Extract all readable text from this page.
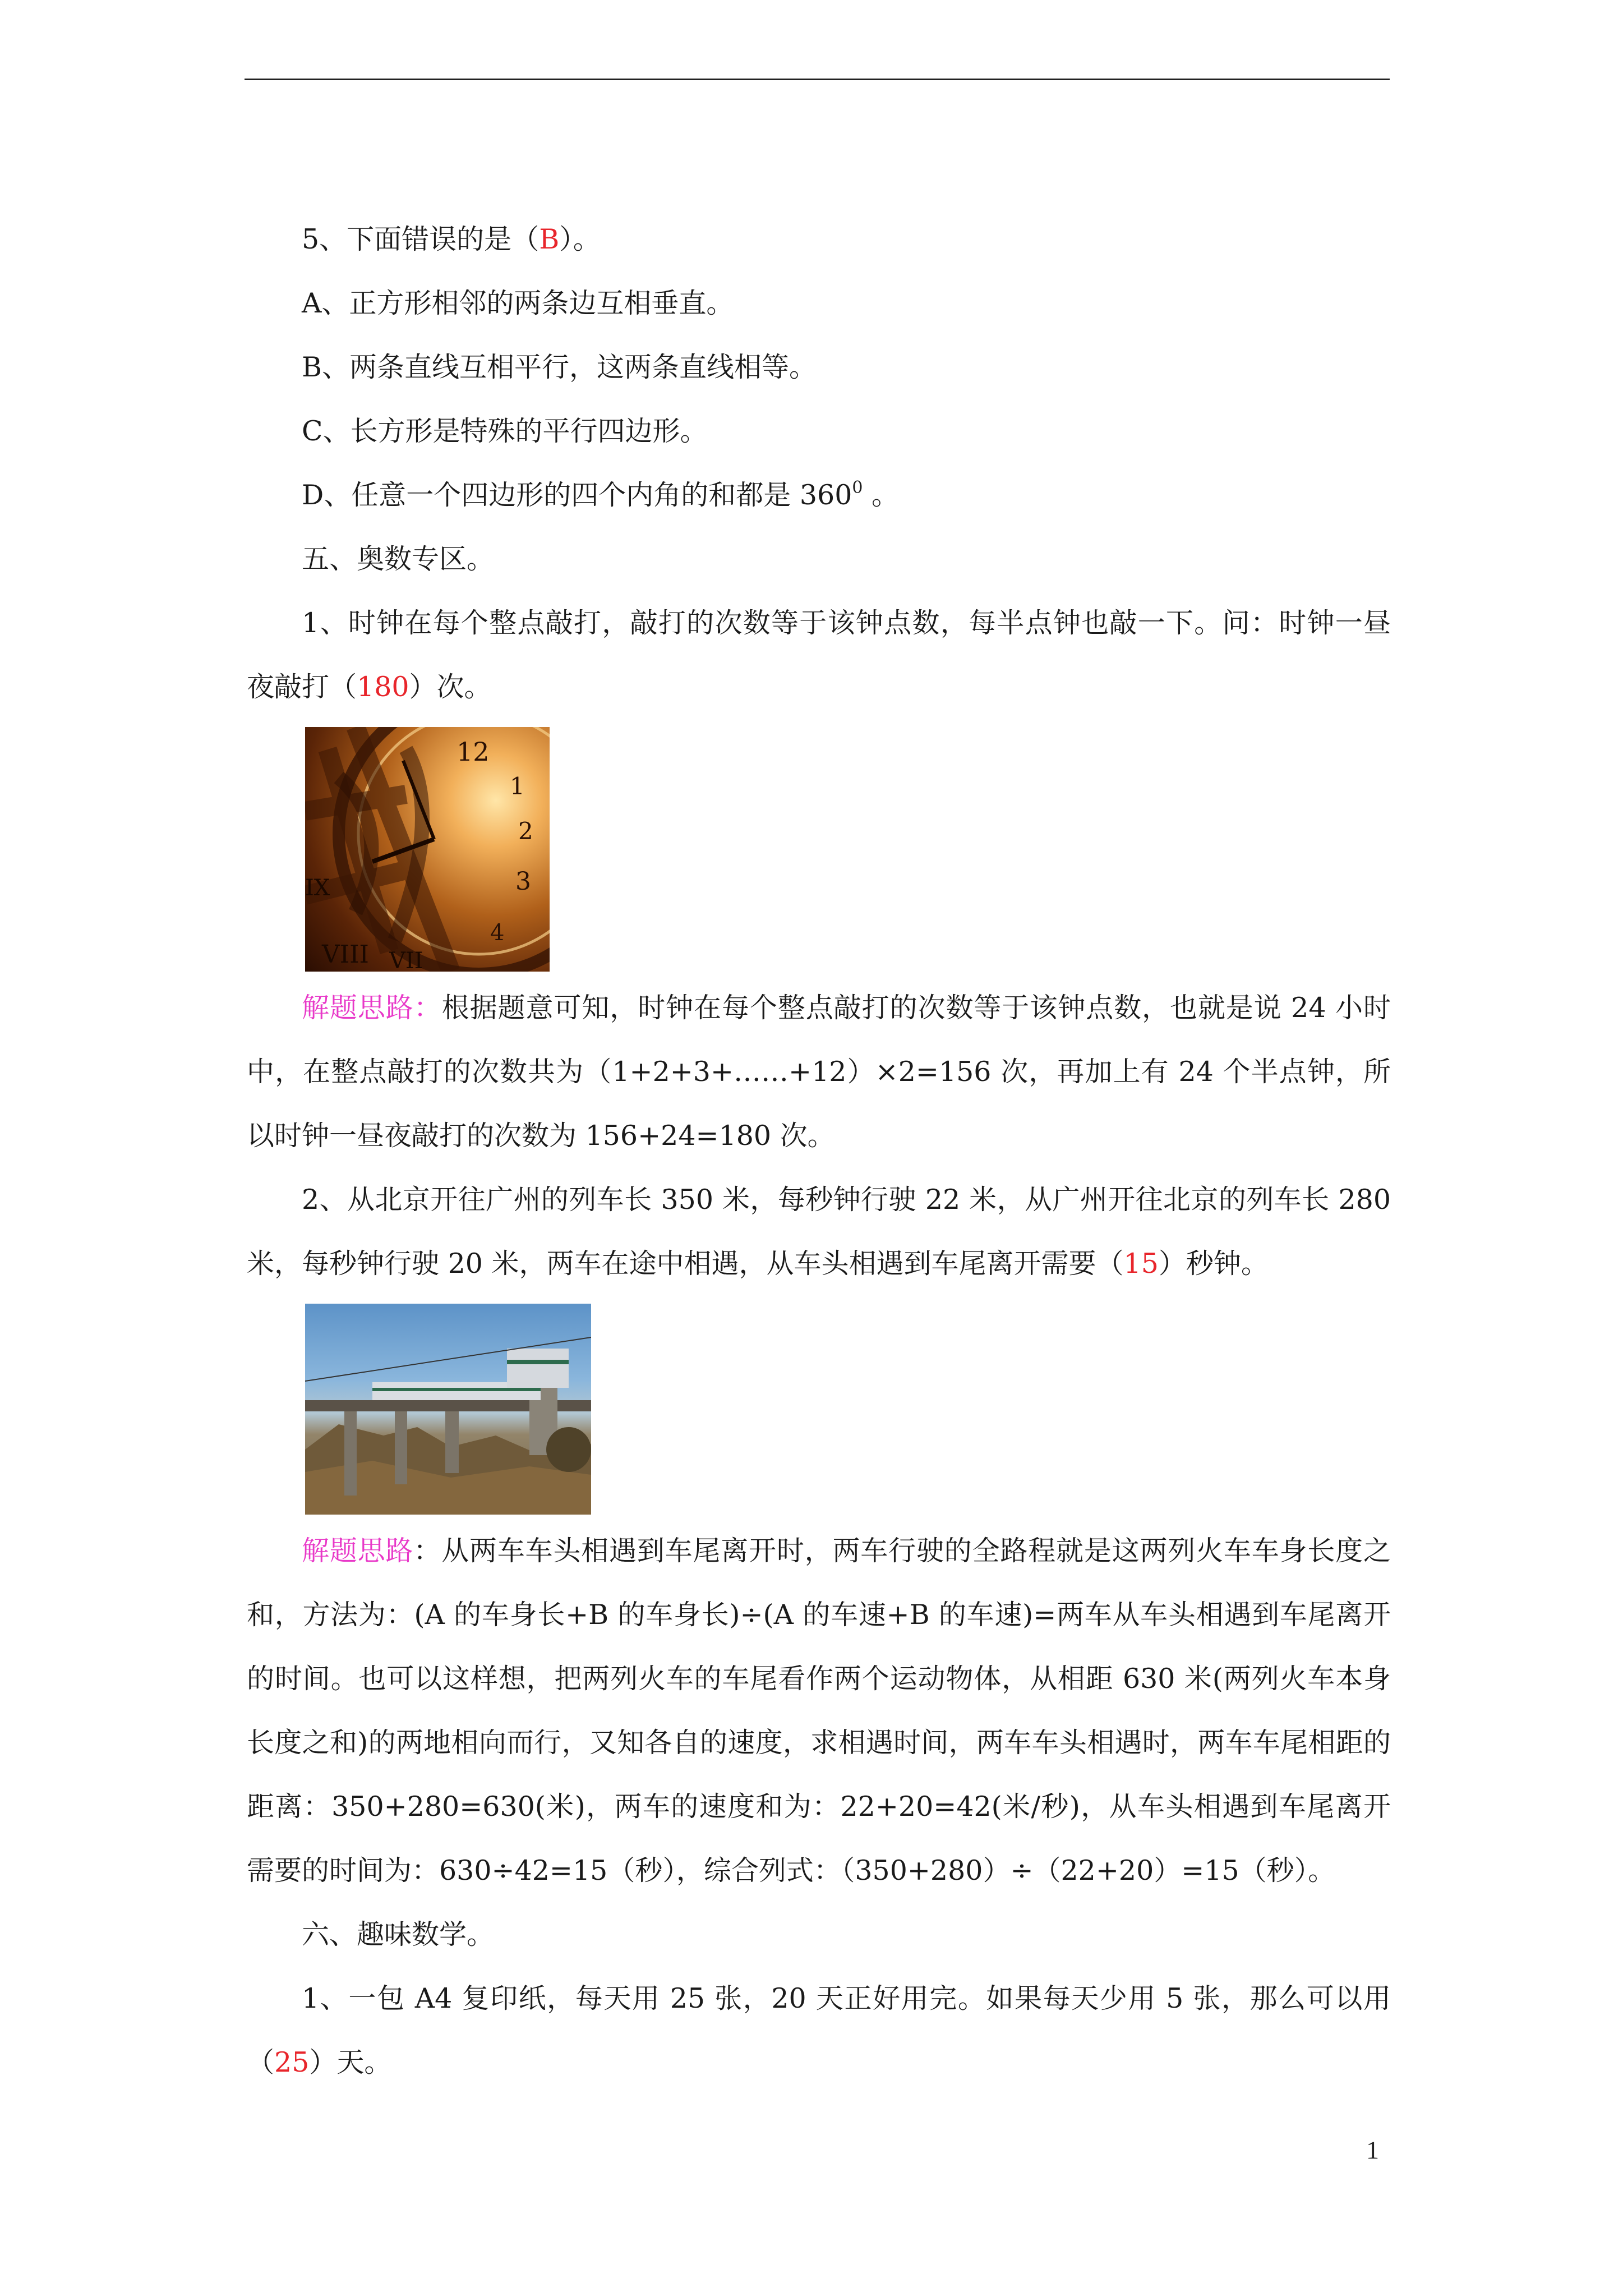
5、下面错误的是（B）。

A、正方形相邻的两条边互相垂直。

B、两条直线互相平行，这两条直线相等。

C、长方形是特殊的平行四边形。

D、任意一个四边形的四个内角的和都是 $360^0$ 。

五、奥数专区。

1、时钟在每个整点敲打，敲打的次数等于该钟点数，每半点钟也敲一下。问：时钟一昼夜敲打（180）次。

12
1
2
3
4
VIII VII
IX

解题思路：根据题意可知，时钟在每个整点敲打的次数等于该钟点数，也就是说 24 小时中，在整点敲打的次数共为（1+2+3+……+12）×2=156 次，再加上有 24 个半点钟，所以时钟一昼夜敲打的次数为 156+24=180 次。

2、从北京开往广州的列车长 350 米，每秒钟行驶 22 米，从广州开往北京的列车长 280 米，每秒钟行驶 20 米，两车在途中相遇，从车头相遇到车尾离开需要（15）秒钟。

解题思路：从两车车头相遇到车尾离开时，两车行驶的全路程就是这两列火车车身长度之和，方法为：(A 的车身长+B 的车身长)÷(A 的车速+B 的车速)=两车从车头相遇到车尾离开的时间。也可以这样想，把两列火车的车尾看作两个运动物体，从相距 630 米(两列火车本身长度之和)的两地相向而行，又知各自的速度，求相遇时间，两车车头相遇时，两车车尾相距的距离：350+280=630(米)，两车的速度和为：22+20=42(米/秒)，从车头相遇到车尾离开需要的时间为：630÷42=15（秒），综合列式：（350+280）÷（22+20）=15（秒）。

六、趣味数学。

1、一包 A4 复印纸，每天用 25 张，20 天正好用完。如果每天少用 5 张，那么可以用（25）天。

1
